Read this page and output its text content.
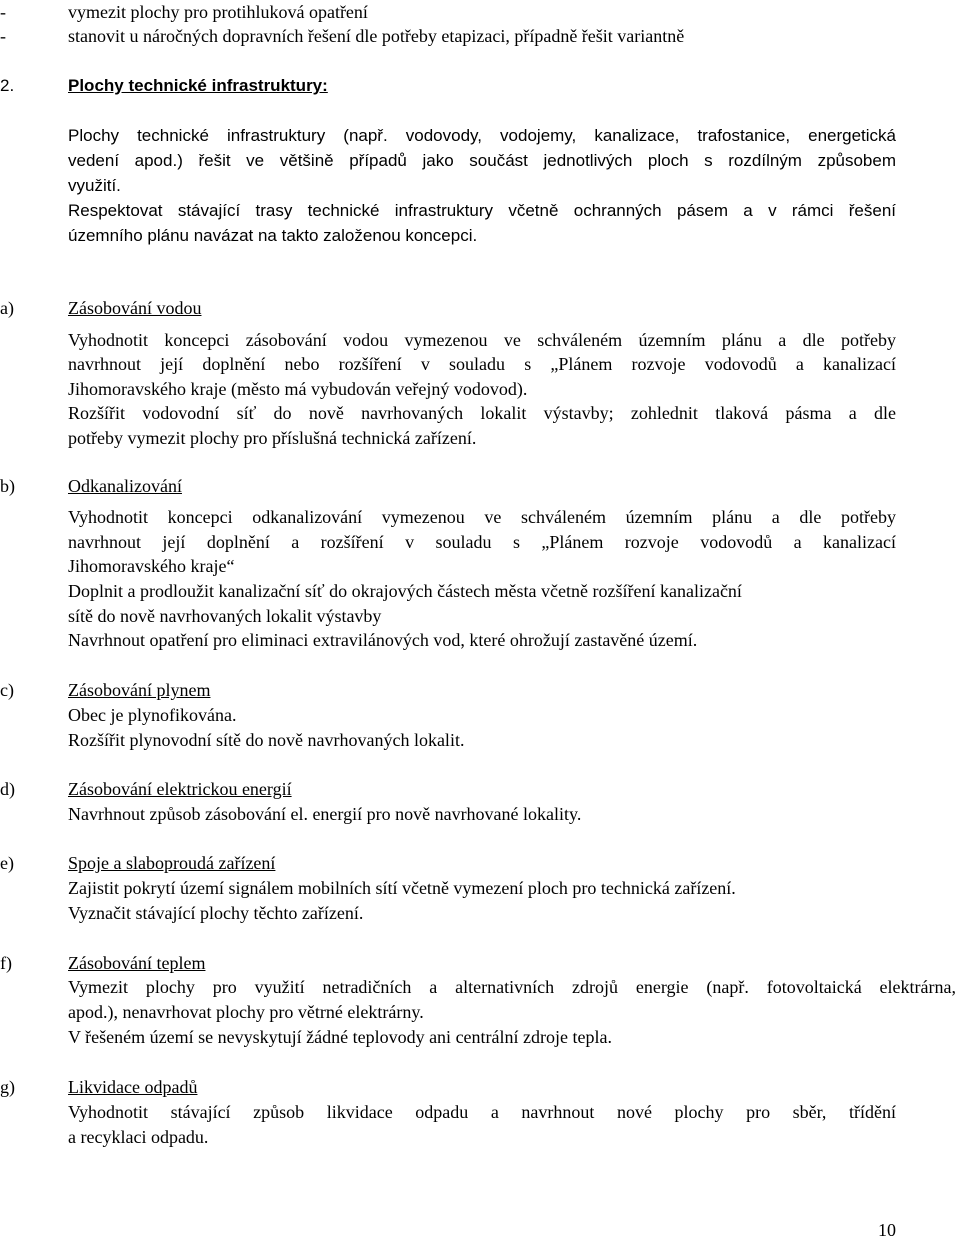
-	vymezit plochy pro protihluková opatření
-	stanovit u náročných dopravních řešení dle potřeby etapizaci, případně řešit variantně
2.	Plochy technické infrastruktury:
Plochy technické infrastruktury (např. vodovody, vodojemy, kanalizace, trafostanice, energetická
vedení apod.) řešit ve většině případů jako součást jednotlivých ploch s rozdílným způsobem
využití.
Respektovat stávající trasy technické infrastruktury včetně ochranných pásem a v rámci řešení
územního plánu navázat na takto založenou koncepci.
a)	Zásobování vodou
Vyhodnotit koncepci zásobování vodou vymezenou ve schváleném územním plánu a dle potřeby
navrhnout její doplnění nebo rozšíření v souladu s „Plánem rozvoje vodovodů a kanalizací
Jihomoravského kraje (město má vybudován veřejný vodovod).
Rozšířit vodovodní síť do nově navrhovaných lokalit výstavby; zohlednit tlaková pásma a dle
potřeby vymezit plochy pro příslušná technická zařízení.
b)	Odkanalizování
Vyhodnotit koncepci odkanalizování vymezenou ve schváleném územním plánu a dle potřeby
navrhnout její doplnění a rozšíření v souladu s „Plánem rozvoje vodovodů a kanalizací
Jihomoravského kraje“
Doplnit a prodloužit kanalizační síť do okrajových částech města včetně rozšíření kanalizační
sítě do nově navrhovaných lokalit výstavby
Navrhnout opatření pro eliminaci extravilánových vod, které ohrožují zastavěné území.
c)	Zásobování plynem
Obec je plynofikována.
Rozšířit plynovodní sítě do nově navrhovaných lokalit.
d)	Zásobování elektrickou energií
Navrhnout způsob zásobování el. energií pro nově navrhované lokality.
e)	Spoje a slaboproudá zařízení
Zajistit pokrytí území signálem mobilních sítí včetně vymezení ploch pro technická zařízení.
Vyznačit stávající plochy těchto zařízení.
f)	Zásobování teplem
Vymezit plochy pro využití netradičních a alternativních zdrojů energie (např. fotovoltaická elektrárna,
apod.), nenavrhovat plochy pro větrné elektrárny.
V řešeném území se nevyskytují žádné teplovody ani centrální zdroje tepla.
g)	Likvidace odpadů
Vyhodnotit stávající způsob likvidace odpadu a navrhnout nové plochy pro sběr, třídění
a recyklaci odpadu.
10
